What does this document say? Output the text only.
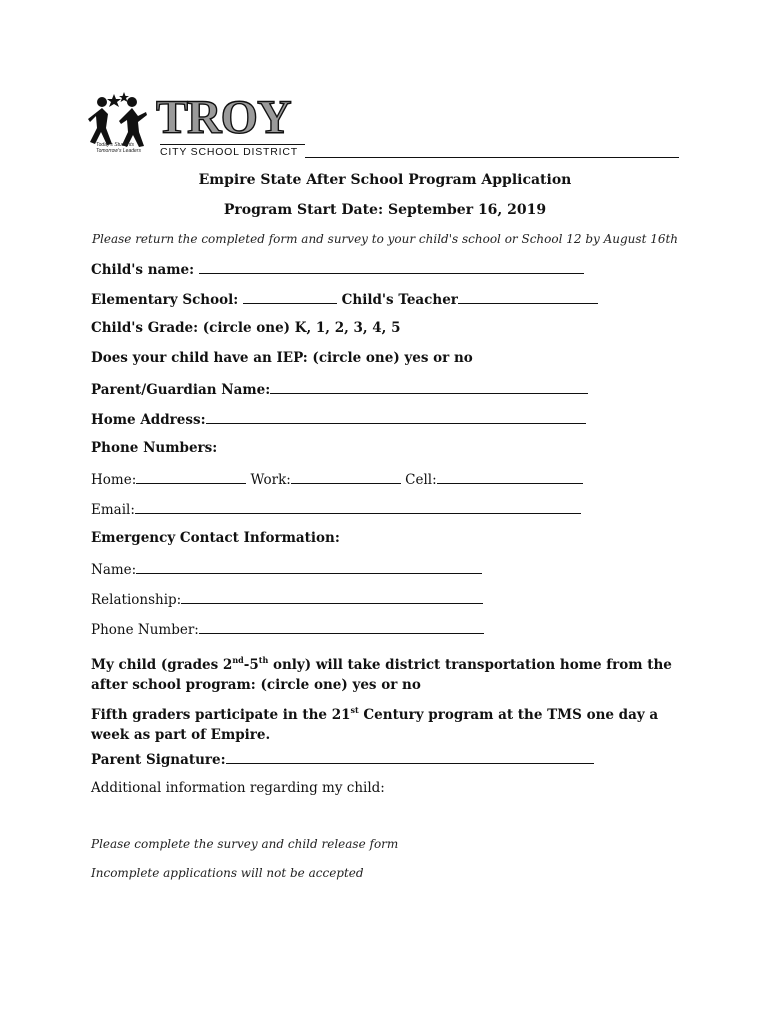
TROY
Today's Students
Tomorrow's Leaders CITY SCHOOL DISTRICT
Empire State After School Program Application
Program Start Date: September 16, 2019
Please return the completed form and survey to your child's school or School 12 by August 16th
Child's name:
Elementary School:	Child's Teacher
Child's Grade: (circle one) K, 1, 2, 3, 4, 5
Does your child have an IEP: (circle one) yes or no
Parent/Guardian Name:
Home Address:
Phone Numbers:
Home:	Work:	Cell:
Email:
Emergency Contact Information:
Name:
Relationship:
Phone Number:
My child (grades 2nd-5th only) will take district transportation home from the after school program: (circle one) yes or no
Fifth graders participate in the 21st Century program at the TMS one day a week as part of Empire.
Parent Signature:
Additional information regarding my child:
Please complete the survey and child release form
Incomplete applications will not be accepted
